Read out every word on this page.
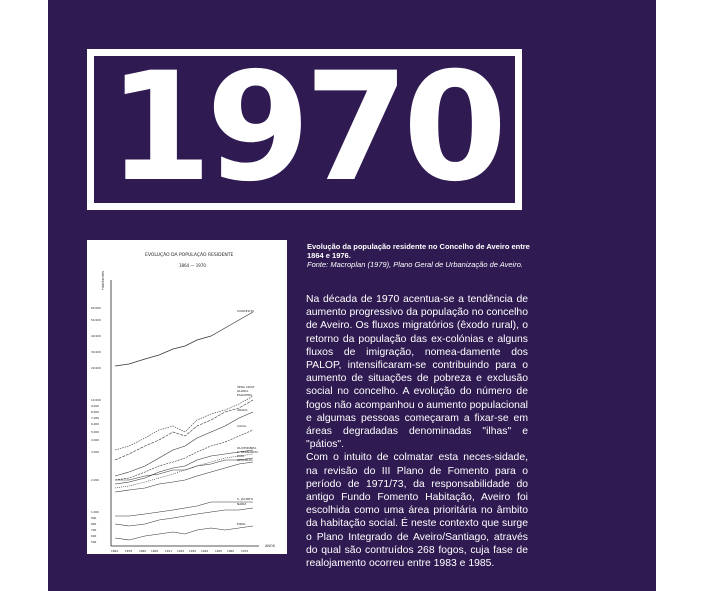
1970
EVOLUÇÃO DA POPULAÇÃO RESIDENTE
1864 — 1970
Habitantes
60.000
50.000
40.000
30.000
20.000
10.000
9.000
8.000
7.000
6.000
5.000
4.000
3.000
2.000
1.000
900
800
700
600
500
1864 1878 1890 1900 1911 1920 1930 1940 1950 1960 1970
ANOS
CONCELHO
VERA CRUZ
GLÓRIA
ESGUEIRA
ARADA
CACIA
OLIVEIRINHA
S. BERNARDO
EIXO
REQUEIXO
S. JACINTO
NARIZ
EIROL
Evolução da população residente no Concelho de Aveiro entre 1864 e 1976.
Fonte: Macroplan (1979), Plano Geral de Urbanização de Aveiro.

Na década de 1970 acentua-se a tendência de aumento progressivo da população no concelho de Aveiro. Os fluxos migratórios (êxodo rural), o retorno da população das ex-colónias e alguns fluxos de imigração, nomea-damente dos PALOP, intensificaram-se contribuindo para o aumento de situações de pobreza e exclusão social no concelho. A evolução do número de fogos não acompanhou o aumento populacional e algumas pessoas começaram a fixar-se em áreas degradadas denominadas "ilhas" e "pátios".

Com o intuito de colmatar esta neces-sidade, na revisão do III Plano de Fomento para o período de 1971/73, da responsabilidade do antigo Fundo Fomento Habitação, Aveiro foi escolhida como uma área prioritária no âmbito da habitação social. É neste contexto que surge o Plano Integrado de Aveiro/Santiago, através do qual são contruídos 268 fogos, cuja fase de realojamento ocorreu entre 1983 e 1985.
